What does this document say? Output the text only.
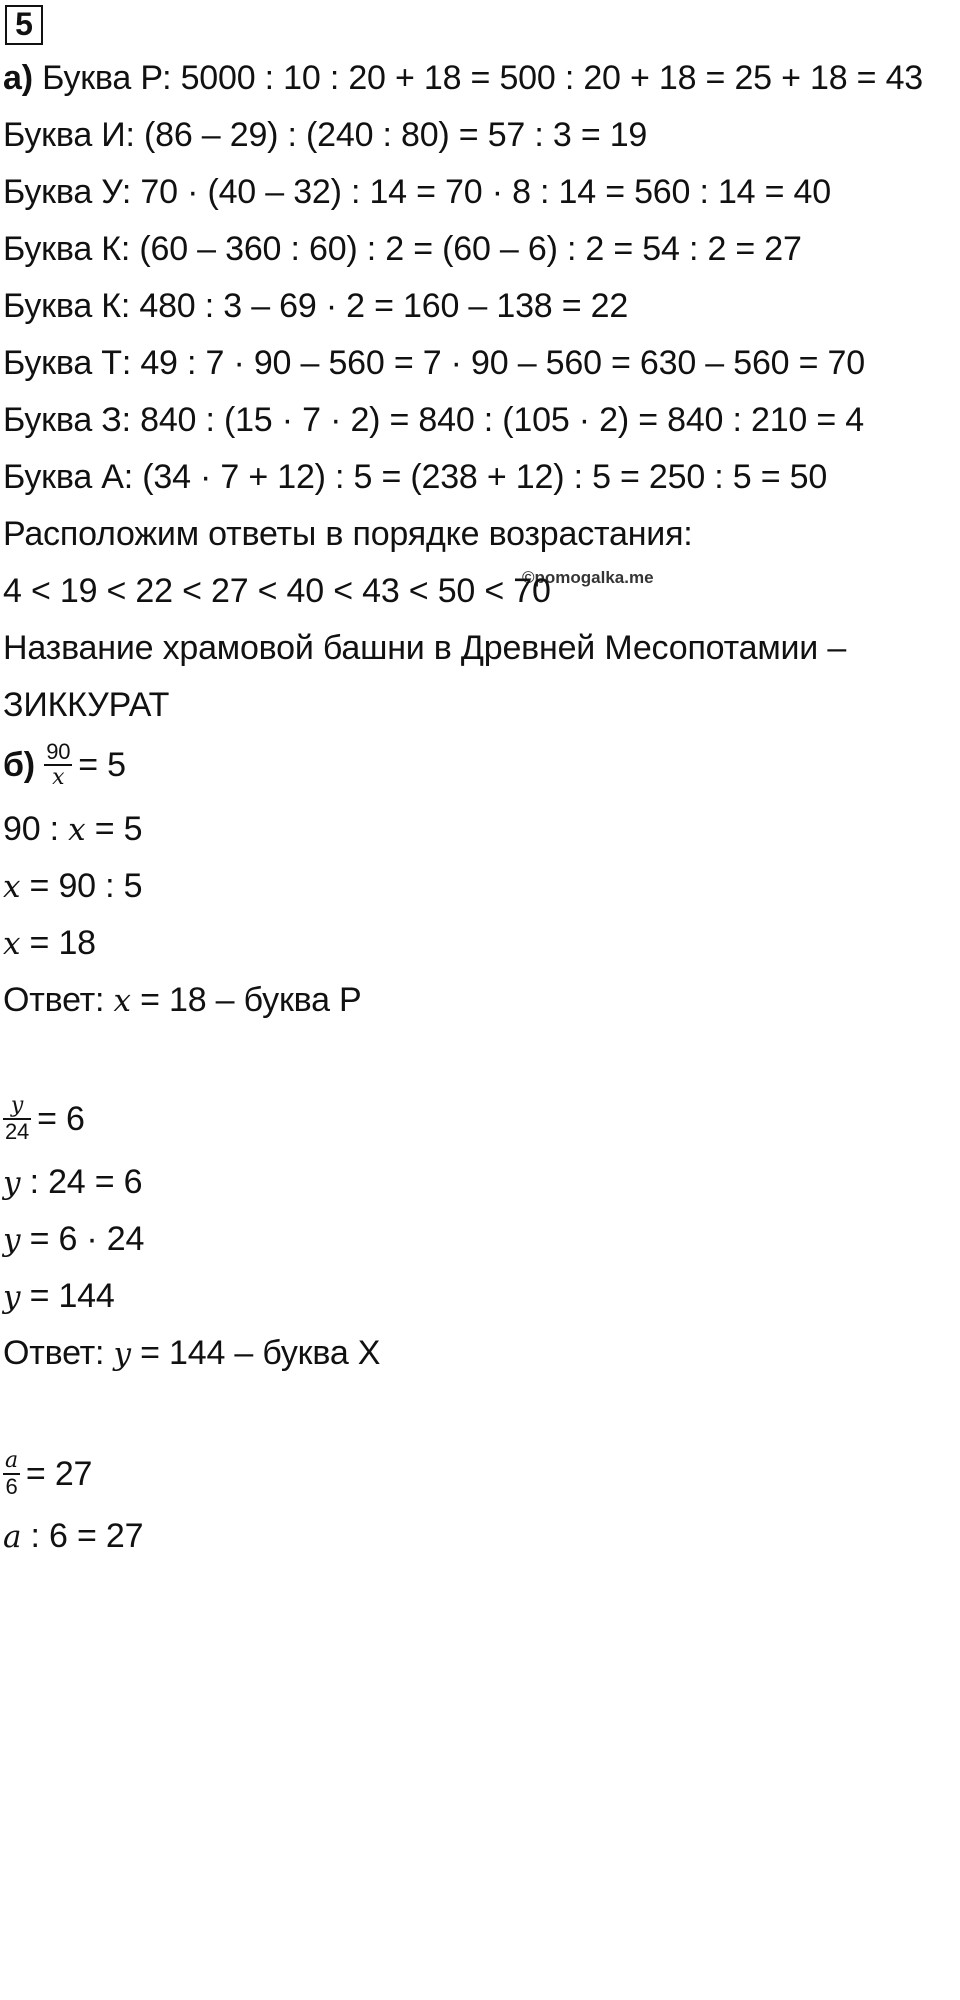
5
а) Буква Р: 5000 : 10 : 20 + 18 = 500 : 20 + 18 = 25 + 18 = 43
Буква И: (86 – 29) : (240 : 80) = 57 : 3 = 19
Буква У: 70 · (40 – 32) : 14 = 70 · 8 : 14 = 560 : 14 = 40
Буква К: (60 – 360 : 60) : 2 = (60 – 6) : 2 = 54 : 2 = 27
Буква К: 480 : 3 – 69 · 2 = 160 – 138 = 22
Буква Т: 49 : 7 · 90 – 560 = 7 · 90 – 560 = 630 – 560 = 70
Буква З: 840 : (15 · 7 · 2) = 840 : (105 · 2) = 840 : 210 = 4
Буква А: (34 · 7 + 12) : 5 = (238 + 12) : 5 = 250 : 5 = 50
©pomogalka.me
Расположим ответы в порядке возрастания:
4 < 19 < 22 < 27 < 40 < 43 < 50 < 70
Название храмовой башни в Древней Месопотамии –
ЗИККУРАТ
$б) \frac{90}{x} = 5$
90 : x = 5
x = 90 : 5
x = 18
Ответ: x = 18 – буква Р
$\frac{y}{24} = 6$
y : 24 = 6
y = 6 · 24
y = 144
Ответ: y = 144 – буква Х
$\frac{a}{6} = 27$
a : 6 = 27
